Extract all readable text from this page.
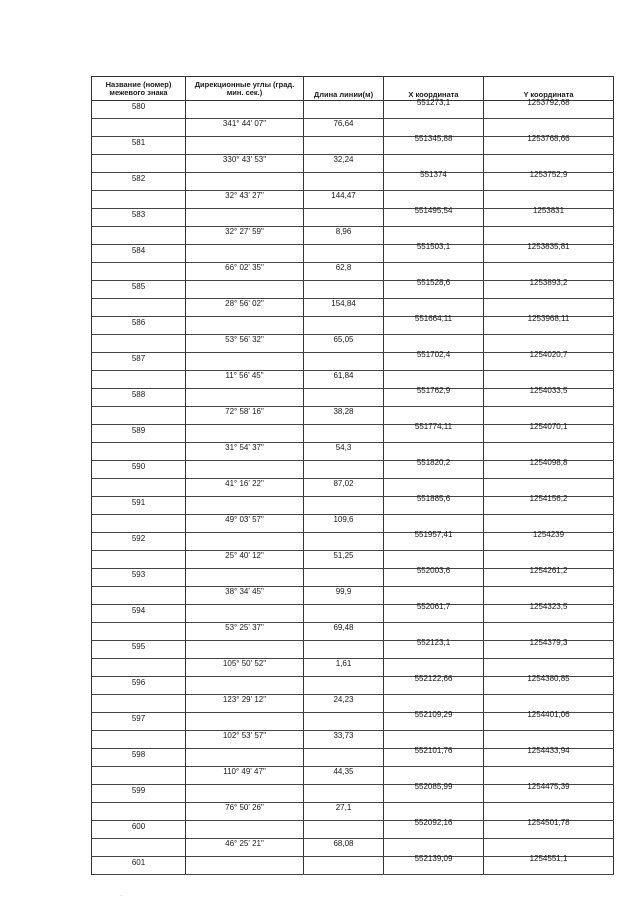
Название (номер) межевого знака
Дирекционные углы (град. мин. сек.)	Длина линии(м)	X координата	Y координата
580	551273,1	1253792,68
341° 44' 07"	76,64
581	551345,88	1253768,66
330° 43' 53"	32,24
582	551374	1253752,9
32° 43' 27"	144,47
583	551495,54	1253831
32° 27' 59"	8,96
584	551503,1	1253835,81
66° 02' 35"	62,8
585	551528,6	1253893,2
28° 56' 02"	154,84
586	551664,11	1253968,11
53° 56' 32"	65,05
587	551702,4	1254020,7
11° 56' 45"	61,84
588	551762,9	1254033,5
72° 58' 16"	38,28
589	551774,11	1254070,1
31° 54' 37"	54,3
590	551820,2	1254098,8
41° 16' 22"	87,02
591	551885,6	1254156,2
49° 03' 57"	109,6
592	551957,41	1254239
25° 40' 12"	51,25
593	552003,6	1254261,2
38° 34' 45"	99,9
594	552061,7	1254323,5
53° 25' 37"	69,48
595	552123,1	1254379,3
105° 50' 52"	1,61
596	552122,66	1254380,85
123° 29' 12"	24,23
597	552109,29	1254401,06
102° 53' 57"	33,73
598	552101,76	1254433,94
110° 49' 47"	44,35
599	552085,99	1254475,39
76° 50' 26"	27,1
600	552092,16	1254501,78
46° 25' 21"	68,08
601	552139,09	1254551,1
·
